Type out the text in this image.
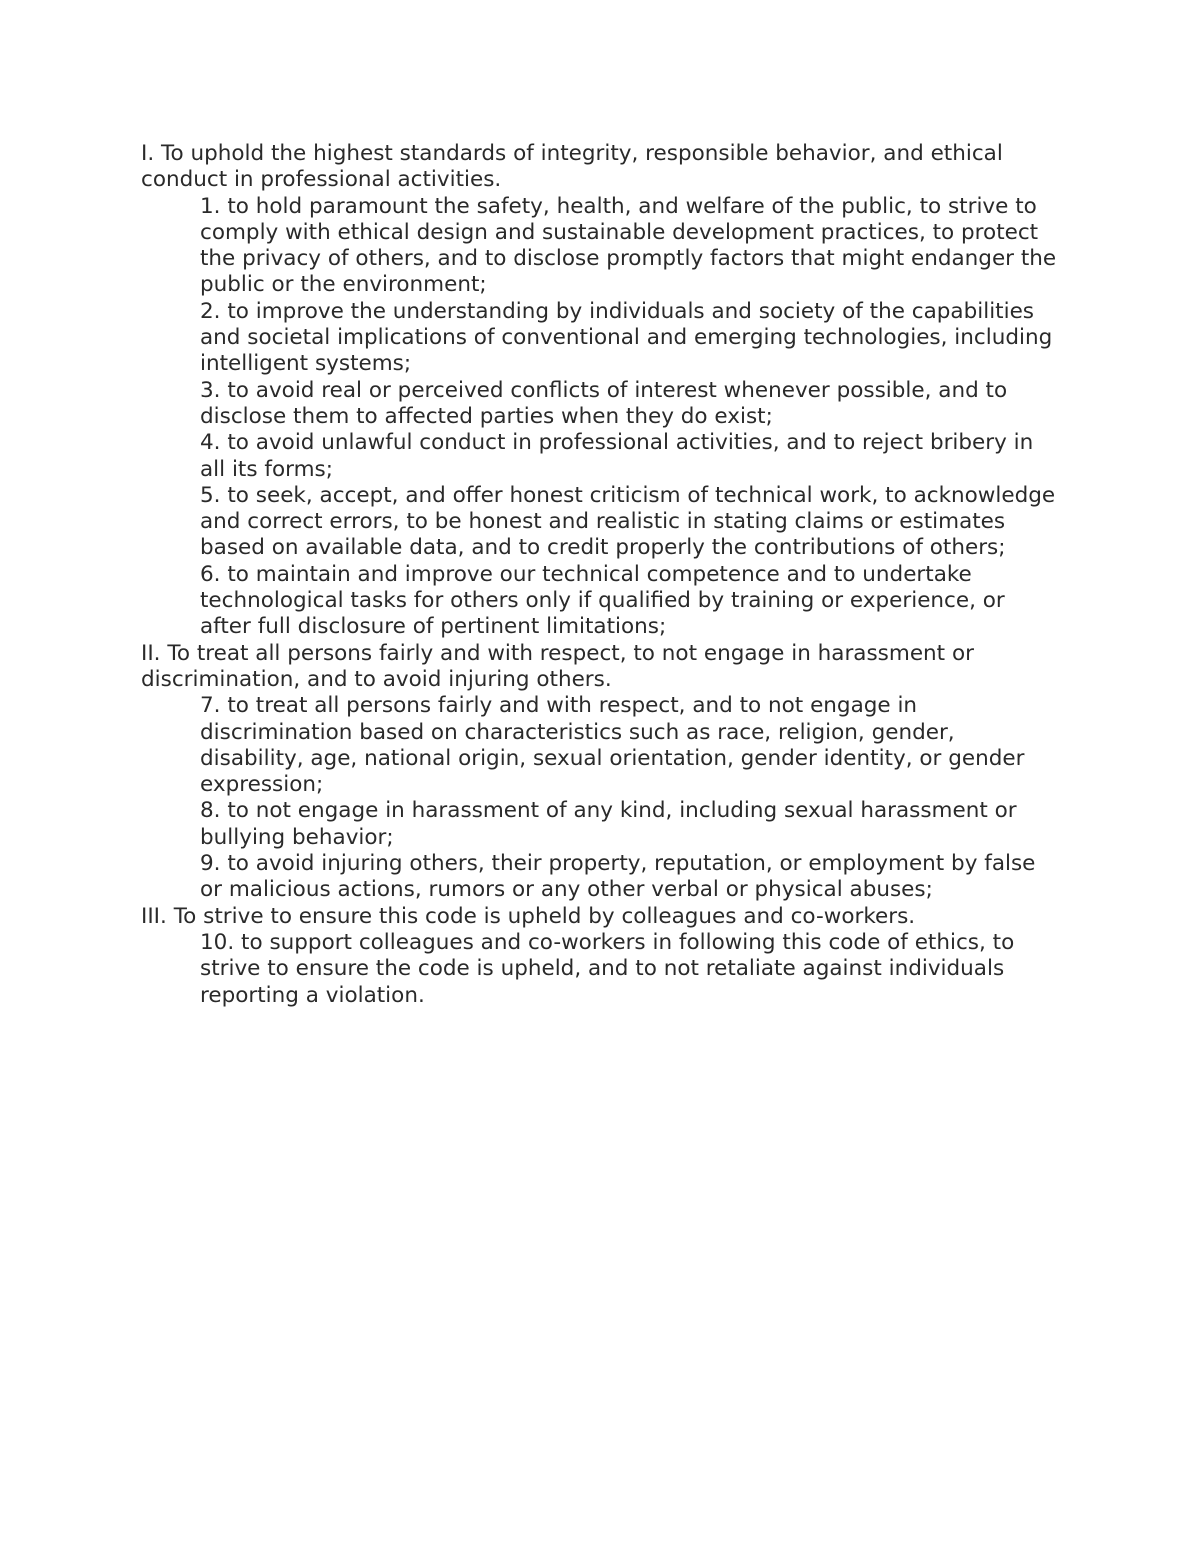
I. To uphold the highest standards of integrity, responsible behavior, and ethical conduct in professional activities.

1. to hold paramount the safety, health, and welfare of the public, to strive to comply with ethical design and sustainable development practices, to protect the privacy of others, and to disclose promptly factors that might endanger the public or the environment;

2. to improve the understanding by individuals and society of the capabilities and societal implications of conventional and emerging technologies, including intelligent systems;

3. to avoid real or perceived conflicts of interest whenever possible, and to disclose them to affected parties when they do exist;

4. to avoid unlawful conduct in professional activities, and to reject bribery in all its forms;

5. to seek, accept, and offer honest criticism of technical work, to acknowledge and correct errors, to be honest and realistic in stating claims or estimates based on available data, and to credit properly the contributions of others;

6. to maintain and improve our technical competence and to undertake technological tasks for others only if qualified by training or experience, or after full disclosure of pertinent limitations;

II. To treat all persons fairly and with respect, to not engage in harassment or discrimination, and to avoid injuring others.

7. to treat all persons fairly and with respect, and to not engage in discrimination based on characteristics such as race, religion, gender, disability, age, national origin, sexual orientation, gender identity, or gender expression;

8. to not engage in harassment of any kind, including sexual harassment or bullying behavior;

9. to avoid injuring others, their property, reputation, or employment by false or malicious actions, rumors or any other verbal or physical abuses;

III. To strive to ensure this code is upheld by colleagues and co-workers.

10. to support colleagues and co-workers in following this code of ethics, to strive to ensure the code is upheld, and to not retaliate against individuals reporting a violation.
